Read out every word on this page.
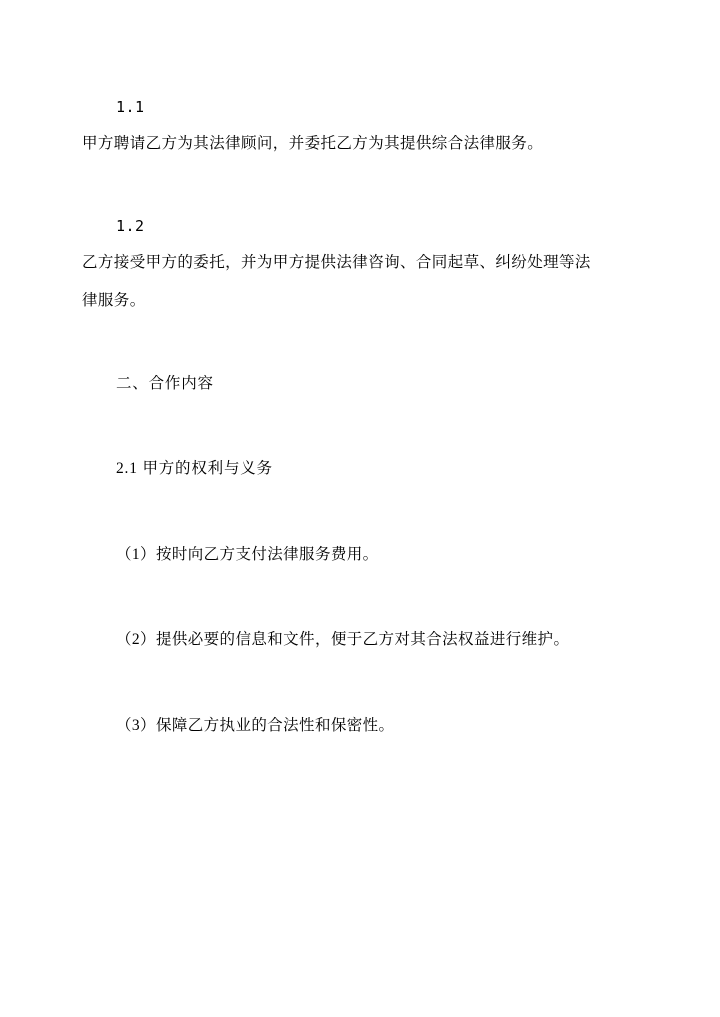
1.1
甲方聘请乙方为其法律顾问，并委托乙方为其提供综合法律服务。
1.2
乙方接受甲方的委托，并为甲方提供法律咨询、合同起草、纠纷处理等法
律服务。
二、合作内容
2.1 甲方的权利与义务
（1）按时向乙方支付法律服务费用。
（2）提供必要的信息和文件，便于乙方对其合法权益进行维护。
（3）保障乙方执业的合法性和保密性。
